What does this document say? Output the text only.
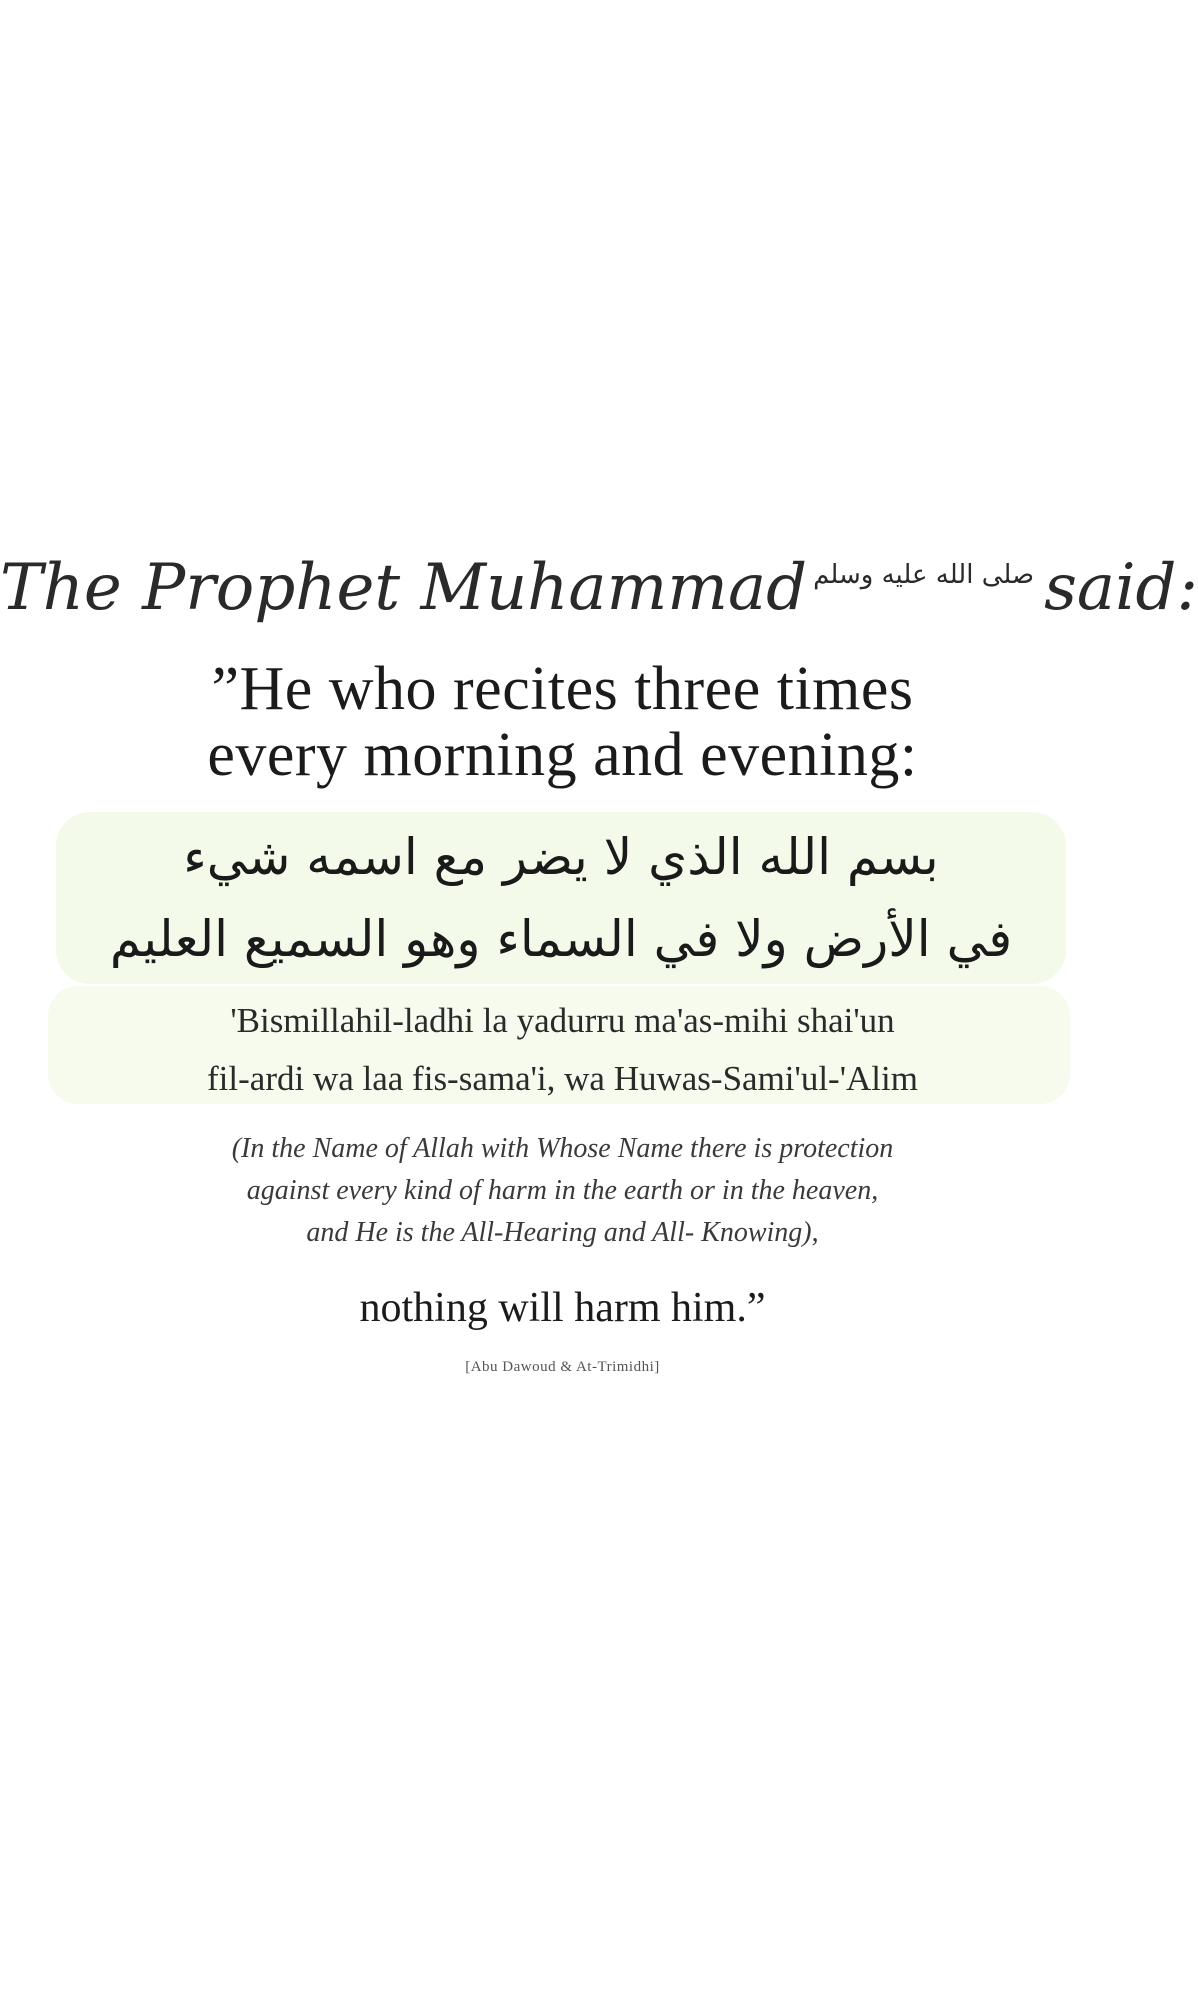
The Prophet Muhammad صلى الله عليه وسلم said:
”He who recites three times
every morning and evening:
بسم الله الذي لا يضر مع اسمه شيء
في الأرض ولا في السماء وهو السميع العليم
'Bismillahil-ladhi la yadurru ma'as-mihi shai'un
fil-ardi wa laa fis-sama'i, wa Huwas-Sami'ul-'Alim
(In the Name of Allah with Whose Name there is protection
against every kind of harm in the earth or in the heaven,
and He is the All-Hearing and All- Knowing),
nothing will harm him.”
[Abu Dawoud & At-Trimidhi]
